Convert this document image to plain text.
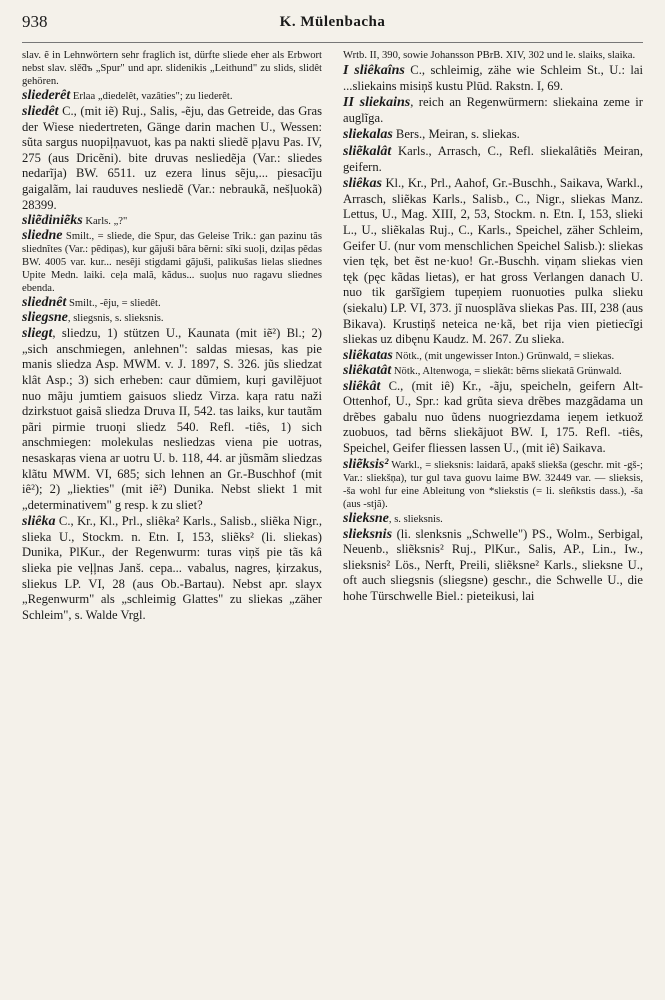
938	K. Mülenbacha

slav. ẽ in Lehnwörtern sehr fraglich ist, dürfte sliede eher als Erbwort nebst slav. slě̃dъ „Spur" und apr. slidenikis „Leithund" zu slids, slidêt gehören.

sliederêt Erlaa „diedelêt, vazâties"; zu liederêt.

sliedêt C., (mit iẽ) Ruj., Salis, -ẽju, das Getreide, das Gras der Wiese niedertreten, Gänge darin machen U., Wessen: sũta sargus nuopiļņavuot, kas pa nakti sliedẽ pļavu Pas. IV, 275 (aus Dricẽni). bite druvas nesliedẽja (Var.: sliedes nedarĩja) BW. 6511. uz ezera linus sẽju,... piesacĩju gaigalãm, lai rauduves nesliedẽ (Var.: nebraukã, nešļuokã) 28399.

sliẽdiniẽks Karls. „?"

sliedne Smilt., = sliede, die Spur, das Geleise Trik.: gan pazinu tãs sliednĩtes (Var.: pẽdiņas), kur gãjuši bãra bẽrni: sĩki suoļi, dziļas pẽdas BW. 4005 var. kur... nesẽji stigdami gãjuši, palikušas lielas sliednes Upite Medn. laiki. ceļa malã, kãdus... suoļus nuo ragavu sliednes ebenda.

sliednêt Smilt., -ẽju, = sliedêt.

sliegsne, sliegsnis, s. slieksnis.

sliegt, sliedzu, 1) stützen U., Kaunata (mit iẽ²) Bl.; 2) „sich anschmiegen, anlehnen": saldas miesas, kas pie manis sliedza Asp. MWM. v. J. 1897, S. 326. jũs sliedzat klât Asp.; 3) sich erheben: caur dũmiem, kuŗi gavilẽjuot nuo mãju jumtiem gaisuos sliedz Virza. kaŗa ratu naži dzirkstuot gaisã sliedza Druva II, 542. tas laiks, kur tautãm pãri pirmie truoņi sliedz 540. Refl. -tiês, 1) sich anschmiegen: molekulas nesliedzas viena pie uotras, nesaskaŗas viena ar uotru U. b. 118, 44. ar jũsmãm sliedzas klãtu MWM. VI, 685; sich lehnen an Gr.-Buschhof (mit iê²); 2) „liekties" (mit iẽ²) Dunika. Nebst sliekt 1 mit „determinativem" g resp. k zu sliet?

sliêka C., Kr., Kl., Prl., sliêka² Karls., Salisb., sliẽka Nigr., slieka U., Stockm. n. Etn. I, 153, sliẽks² (li. sliekas) Dunika, PlKur., der Regenwurm: turas viņš pie tãs kâ slieka pie veļļnas Janš. cepa... vabalus, nagres, ķirzakus, sliekus LP. VI, 28 (aus Ob.-Bartau). Nebst apr. slayx „Regenwurm" als „schleimig Glattes" zu sliekas „zäher Schleim", s. Walde Vrgl.

Wrtb. II, 390, sowie Johansson PBrB. XIV, 302 und le. slaiks, slaika.

I sliêkaîns C., schleimig, zähe wie Schleim St., U.: lai ...sliekains misiņš kustu Plūd. Rakstn. I, 69.

II sliekains, reich an Regenwürmern: sliekaina zeme ir auglĩga.

sliekalas Bers., Meiran, s. sliekas.

sliẽkalât Karls., Arrasch, C., Refl. sliekalâtiẽs Meiran, geifern.

sliêkas Kl., Kr., Prl., Aahof, Gr.-Buschh., Saikava, Warkl., Arrasch, sliẽkas Karls., Salisb., C., Nigr., sliekas Manz. Lettus, U., Mag. XIII, 2, 53, Stockm. n. Etn. I, 153, slieki L., U., sliẽkalas Ruj., C., Karls., Speichel, zäher Schleim, Geifer U. (nur vom menschlichen Speichel Salisb.): sliekas vien tęk, bet ẽst ne·kuo! Gr.-Buschh. viņam sliekas vien tęk (pęc kãdas lietas), er hat gross Verlangen danach U. nuo tik garšĩgiem tupeņiem ruonuoties pulka slieku (siekalu) LP. VI, 373. jĩ nuosplãva sliekas Pas. III, 238 (aus Bikava). Krustiņš neteica ne·kã, bet rija vien pietiecĩgi sliekas uz dibęnu Kaudz. M. 267. Zu slieka.

sliêkatas Nötk., (mit ungewisser Inton.) Grünwald, = sliekas.

sliêkatât Nötk., Altenwoga, = sliekât: bẽrns sliekatã Grünwald.

sliêkât C., (mit iê) Kr., -ãju, speicheln, geifern Alt-Ottenhof, U., Spr.: kad grũta sieva drẽbes mazgãdama un drẽbes gabalu nuo ũdens nuogriezdama ieņem ietkuož zuobuos, tad bẽrns sliekãjuot BW. I, 175. Refl. -tiês, Speichel, Geifer fliessen lassen U., (mit iê) Saikava.

sliẽksis² Warkl., = slieksnis: laidarã, apakš sliekša (geschr. mit -gš-; Var.: sliekšņa), tur gul tava guovu laime BW. 32449 var. — slieksis, -ša wohl fur eine Ableitung von *sliekstis (= li. sleñkstis dass.), -ša (aus -stjã).

slieksne, s. slieksnis.

slieksnis (li. slenksnis „Schwelle") PS., Wolm., Serbigal, Neuenb., sliẽksnis² Ruj., PlKur., Salis, AP., Lin., Iw., slieksnis² Lös., Nerft, Preili, sliẽksne² Karls., slieksne U., oft auch sliegsnis (sliegsne) geschr., die Schwelle U., die hohe Türschwelle Biel.: pieteikusi, lai
